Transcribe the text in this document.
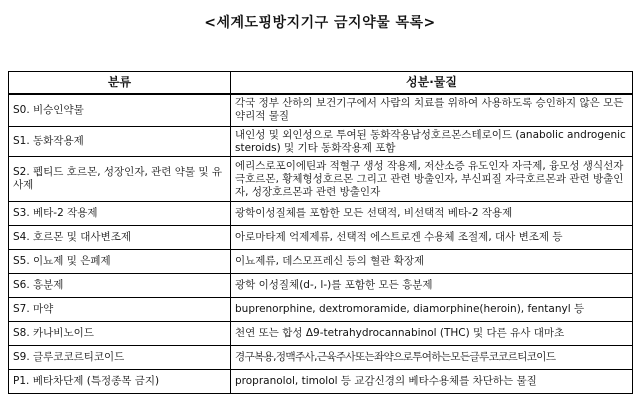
<세계도핑방지기구 금지약물 목록>
분류	성분·물질
S0. 비승인약물	각국 정부 산하의 보건기구에서 사람의 치료를 위하여 사용하도록 승인하지 않은 모든 약리적 물질
S1. 동화작용제	내인성 및 외인성으로 투여된 동화작용남성호르몬스테로이드 (anabolic androgenic steroids) 및 기타 동화작용제 포함
S2. 펩티드 호르몬, 성장인자, 관련 약물 및 유사제	에리스로포이에틴과 적혈구 생성 작용제, 저산소증 유도인자 자극제, 융모성 생식선자극호르몬, 황체형성호르몬 그리고 관련 방출인자, 부신피질 자극호르몬과 관련 방출인자, 성장호르몬과 관련 방출인자
S3. 베타-2 작용제	광학이성질체를 포함한 모든 선택적, 비선택적 베타-2 작용제
S4. 호르몬 및 대사변조제	아로마타제 억제제류, 선택적 에스트로겐 수용체 조절제, 대사 변조제 등
S5. 이뇨제 및 은폐제	이뇨제류, 데스모프레신 등의 혈관 확장제
S6. 흥분제	광학 이성질체(d-, l-)를 포함한 모든 흥분제
S7. 마약	buprenorphine, dextromoramide, diamorphine(heroin), fentanyl 등
S8. 카나비노이드	천연 또는 합성 Δ9-tetrahydrocannabinol (THC) 및 다른 유사 대마초
S9. 글루코코르티코이드	경구복용,정맥주사,근육주사또는좌약으로투여하는모든글루코코르티코이드
P1. 베타차단제 (특정종목 금지)	propranolol, timolol 등 교감신경의 베타수용체를 차단하는 물질
